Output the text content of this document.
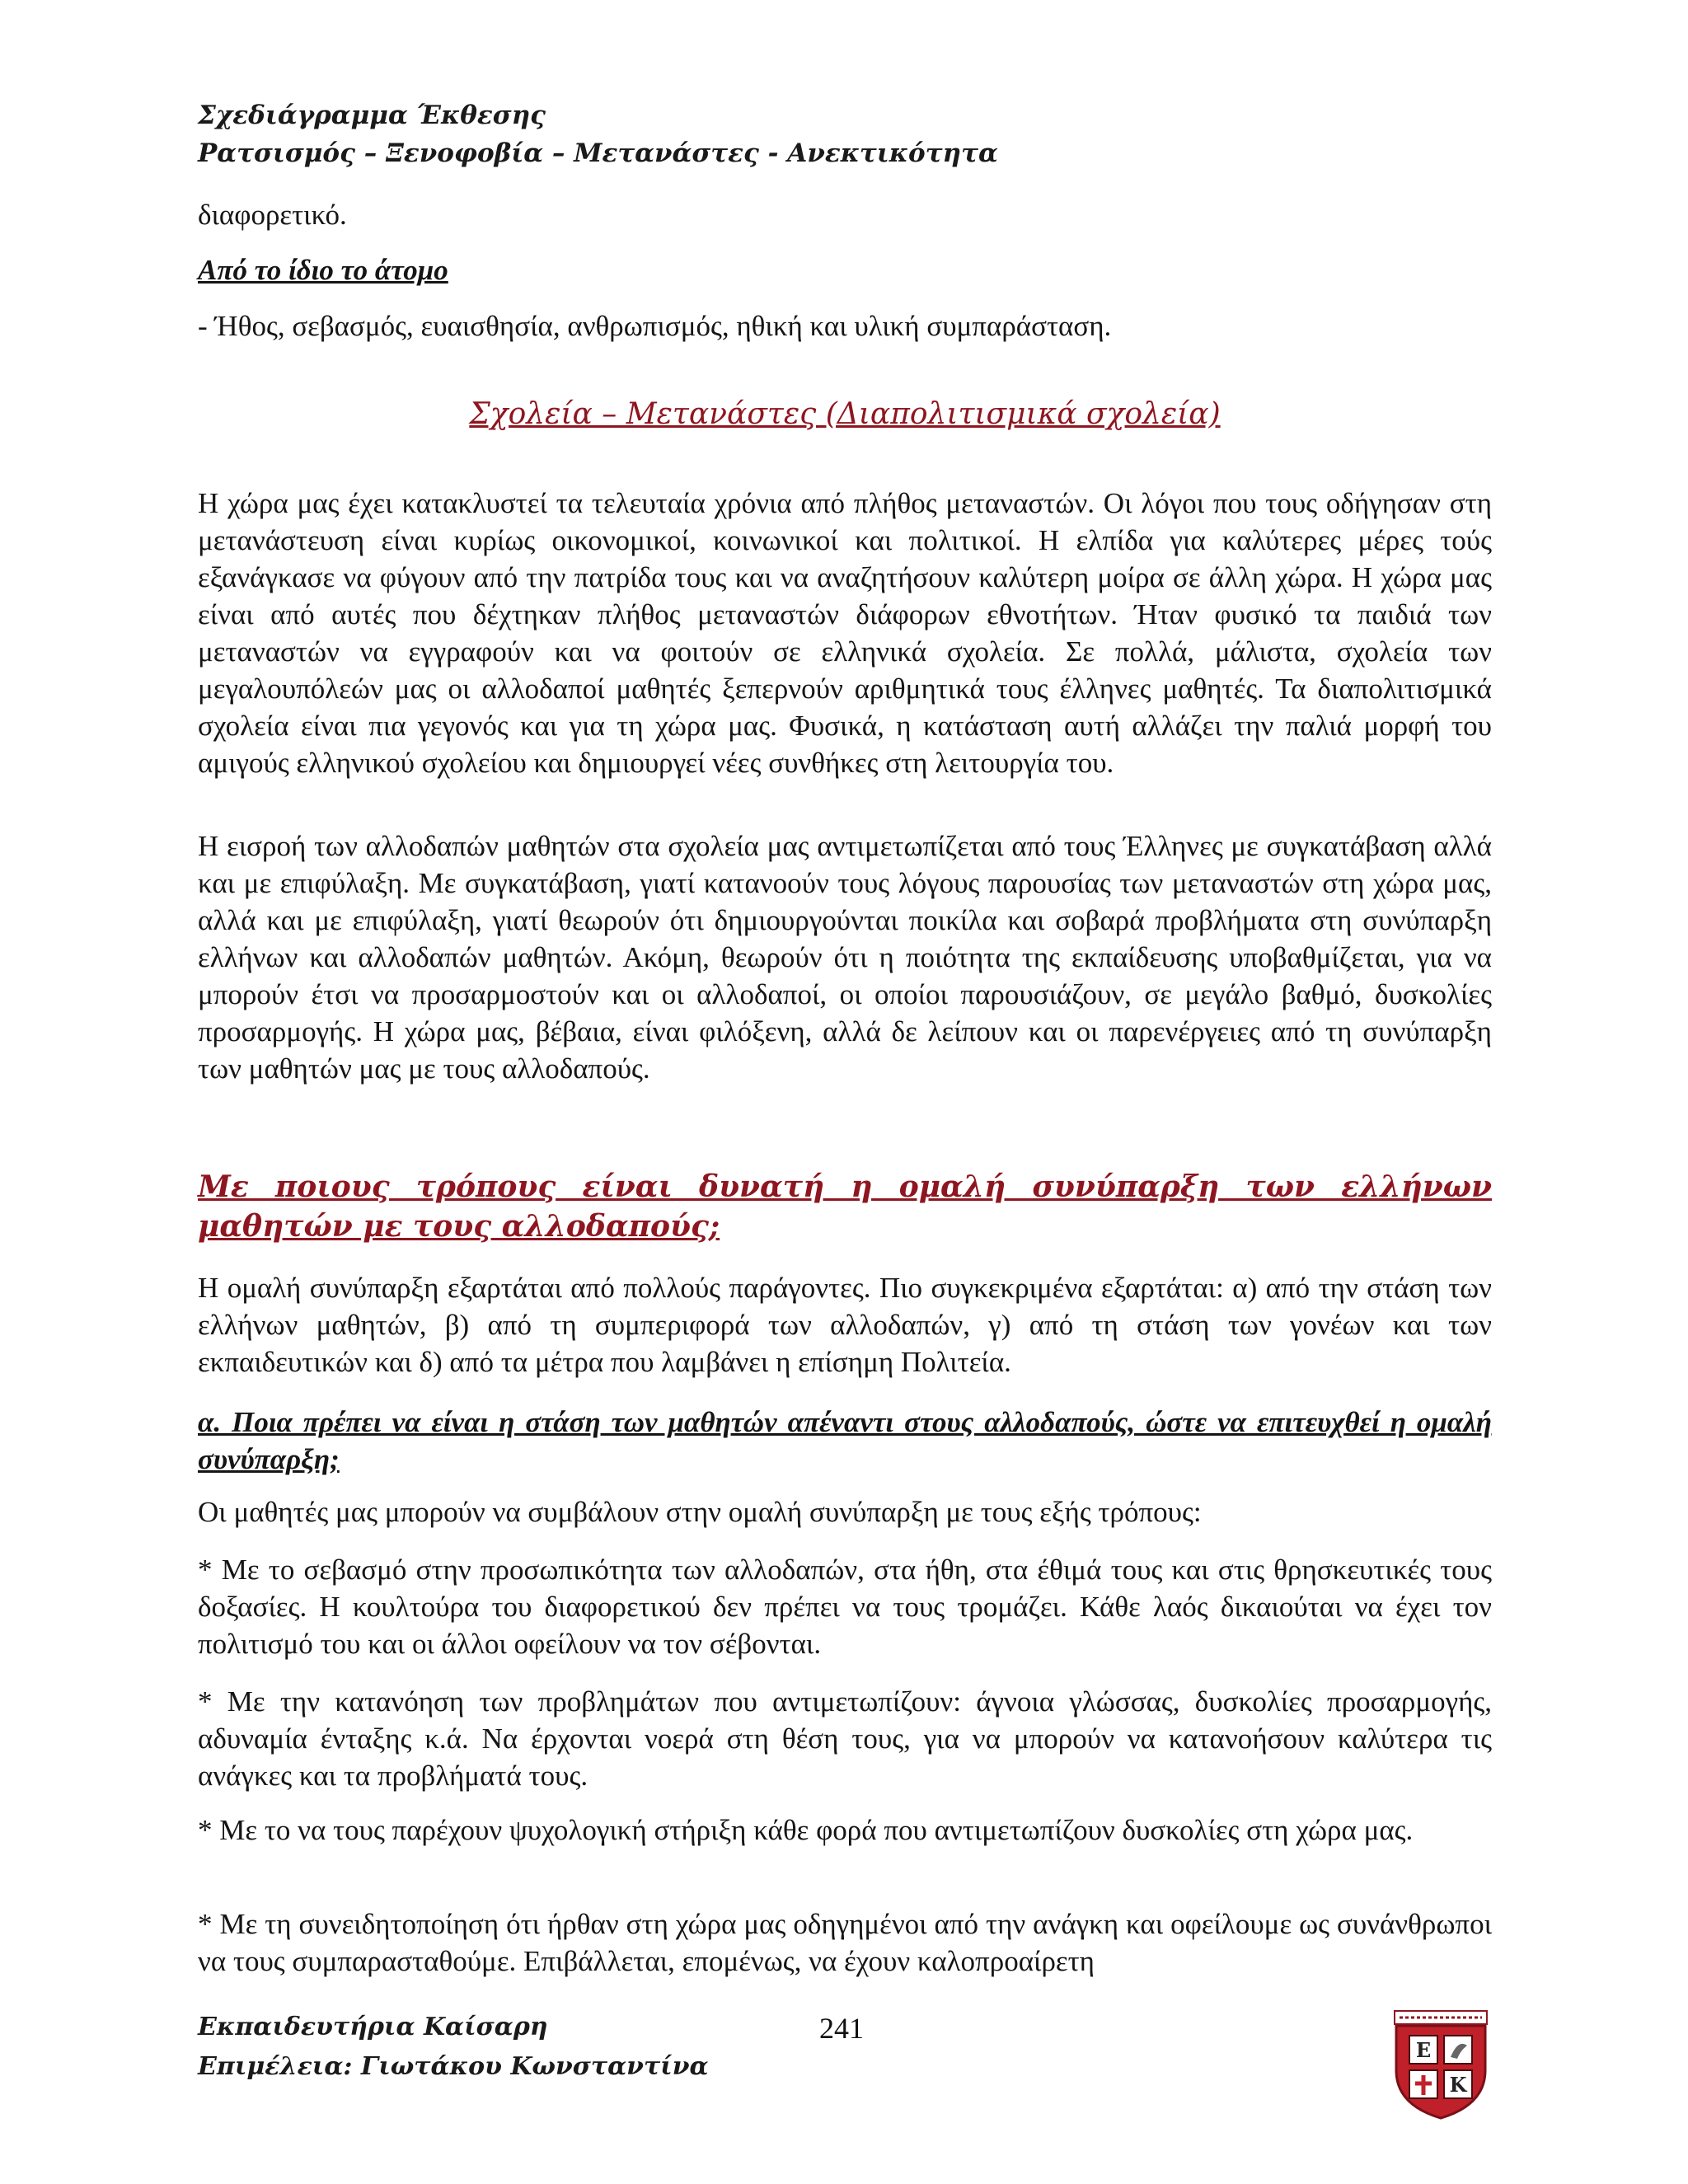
Σχεδιάγραμμα Έκθεσης
Ρατσισμός – Ξενοφοβία – Μετανάστες - Ανεκτικότητα

διαφορετικό.

Από το ίδιο το άτομο

- Ήθος, σεβασμός, ευαισθησία, ανθρωπισμός, ηθική και υλική συμπαράσταση.

Σχολεία – Μετανάστες (Διαπολιτισμικά σχολεία)

Η χώρα μας έχει κατακλυστεί τα τελευταία χρόνια από πλήθος μεταναστών. Οι λόγοι που τους οδήγησαν στη μετανάστευση είναι κυρίως οικονομικοί, κοινωνικοί και πολιτικοί. Η ελπίδα για καλύτερες μέρες τούς εξανάγκασε να φύγουν από την πατρίδα τους και να αναζητήσουν καλύτερη μοίρα σε άλλη χώρα. Η χώρα μας είναι από αυτές που δέχτηκαν πλήθος μεταναστών διάφορων εθνοτήτων. Ήταν φυσικό τα παιδιά των μεταναστών να εγγραφούν και να φοιτούν σε ελληνικά σχολεία. Σε πολλά, μάλιστα, σχολεία των μεγαλουπόλεών μας οι αλλοδαποί μαθητές ξεπερνούν αριθμητικά τους έλληνες μαθητές. Τα διαπολιτισμικά σχολεία είναι πια γεγονός και για τη χώρα μας. Φυσικά, η κατάσταση αυτή αλλάζει την παλιά μορφή του αμιγούς ελληνικού σχολείου και δημιουργεί νέες συνθήκες στη λειτουργία του.

Η εισροή των αλλοδαπών μαθητών στα σχολεία μας αντιμετωπίζεται από τους Έλληνες με συγκατάβαση αλλά και με επιφύλαξη. Με συγκατάβαση, γιατί κατανοούν τους λόγους παρουσίας των μεταναστών στη χώρα μας, αλλά και με επιφύλαξη, γιατί θεωρούν ότι δημιουργούνται ποικίλα και σοβαρά προβλήματα στη συνύπαρξη ελλήνων και αλλοδαπών μαθητών. Ακόμη, θεωρούν ότι η ποιότητα της εκπαίδευσης υποβαθμίζεται, για να μπορούν έτσι να προσαρμοστούν και οι αλλοδαποί, οι οποίοι παρουσιάζουν, σε μεγάλο βαθμό, δυσκολίες προσαρμογής. Η χώρα μας, βέβαια, είναι φιλόξενη, αλλά δε λείπουν και οι παρενέργειες από τη συνύπαρξη των μαθητών μας με τους αλλοδαπούς.

Με ποιους τρόπους είναι δυνατή η ομαλή συνύπαρξη των ελλήνων μαθητών με τους αλλοδαπούς;

Η ομαλή συνύπαρξη εξαρτάται από πολλούς παράγοντες. Πιο συγκεκριμένα εξαρτάται: α) από την στάση των ελλήνων μαθητών, β) από τη συμπεριφορά των αλλοδαπών, γ) από τη στάση των γονέων και των εκπαιδευτικών και δ) από τα μέτρα που λαμβάνει η επίσημη Πολιτεία.

α. Ποια πρέπει να είναι η στάση των μαθητών απέναντι στους αλλοδαπούς, ώστε να επιτευχθεί η ομαλή συνύπαρξη;

Οι μαθητές μας μπορούν να συμβάλουν στην ομαλή συνύπαρξη με τους εξής τρόπους:

* Με το σεβασμό στην προσωπικότητα των αλλοδαπών, στα ήθη, στα έθιμά τους και στις θρησκευτικές τους δοξασίες. Η κουλτούρα του διαφορετικού δεν πρέπει να τους τρομάζει. Κάθε λαός δικαιούται να έχει τον πολιτισμό του και οι άλλοι οφείλουν να τον σέβονται.

* Με την κατανόηση των προβλημάτων που αντιμετωπίζουν: άγνοια γλώσσας, δυσκολίες προσαρμογής, αδυναμία ένταξης κ.ά. Να έρχονται νοερά στη θέση τους, για να μπορούν να κατανοήσουν καλύτερα τις ανάγκες και τα προβλήματά τους.

* Με το να τους παρέχουν ψυχολογική στήριξη κάθε φορά που αντιμετωπίζουν δυσκολίες στη χώρα μας.

* Με τη συνειδητοποίηση ότι ήρθαν στη χώρα μας οδηγημένοι από την ανάγκη και οφείλουμε ως συνάνθρωποι να τους συμπαρασταθούμε. Επιβάλλεται, επομένως, να έχουν καλοπροαίρετη

Εκπαιδευτήρια Καίσαρη
Επιμέλεια: Γιωτάκου Κωνσταντίνα
241
Ε
Κ
